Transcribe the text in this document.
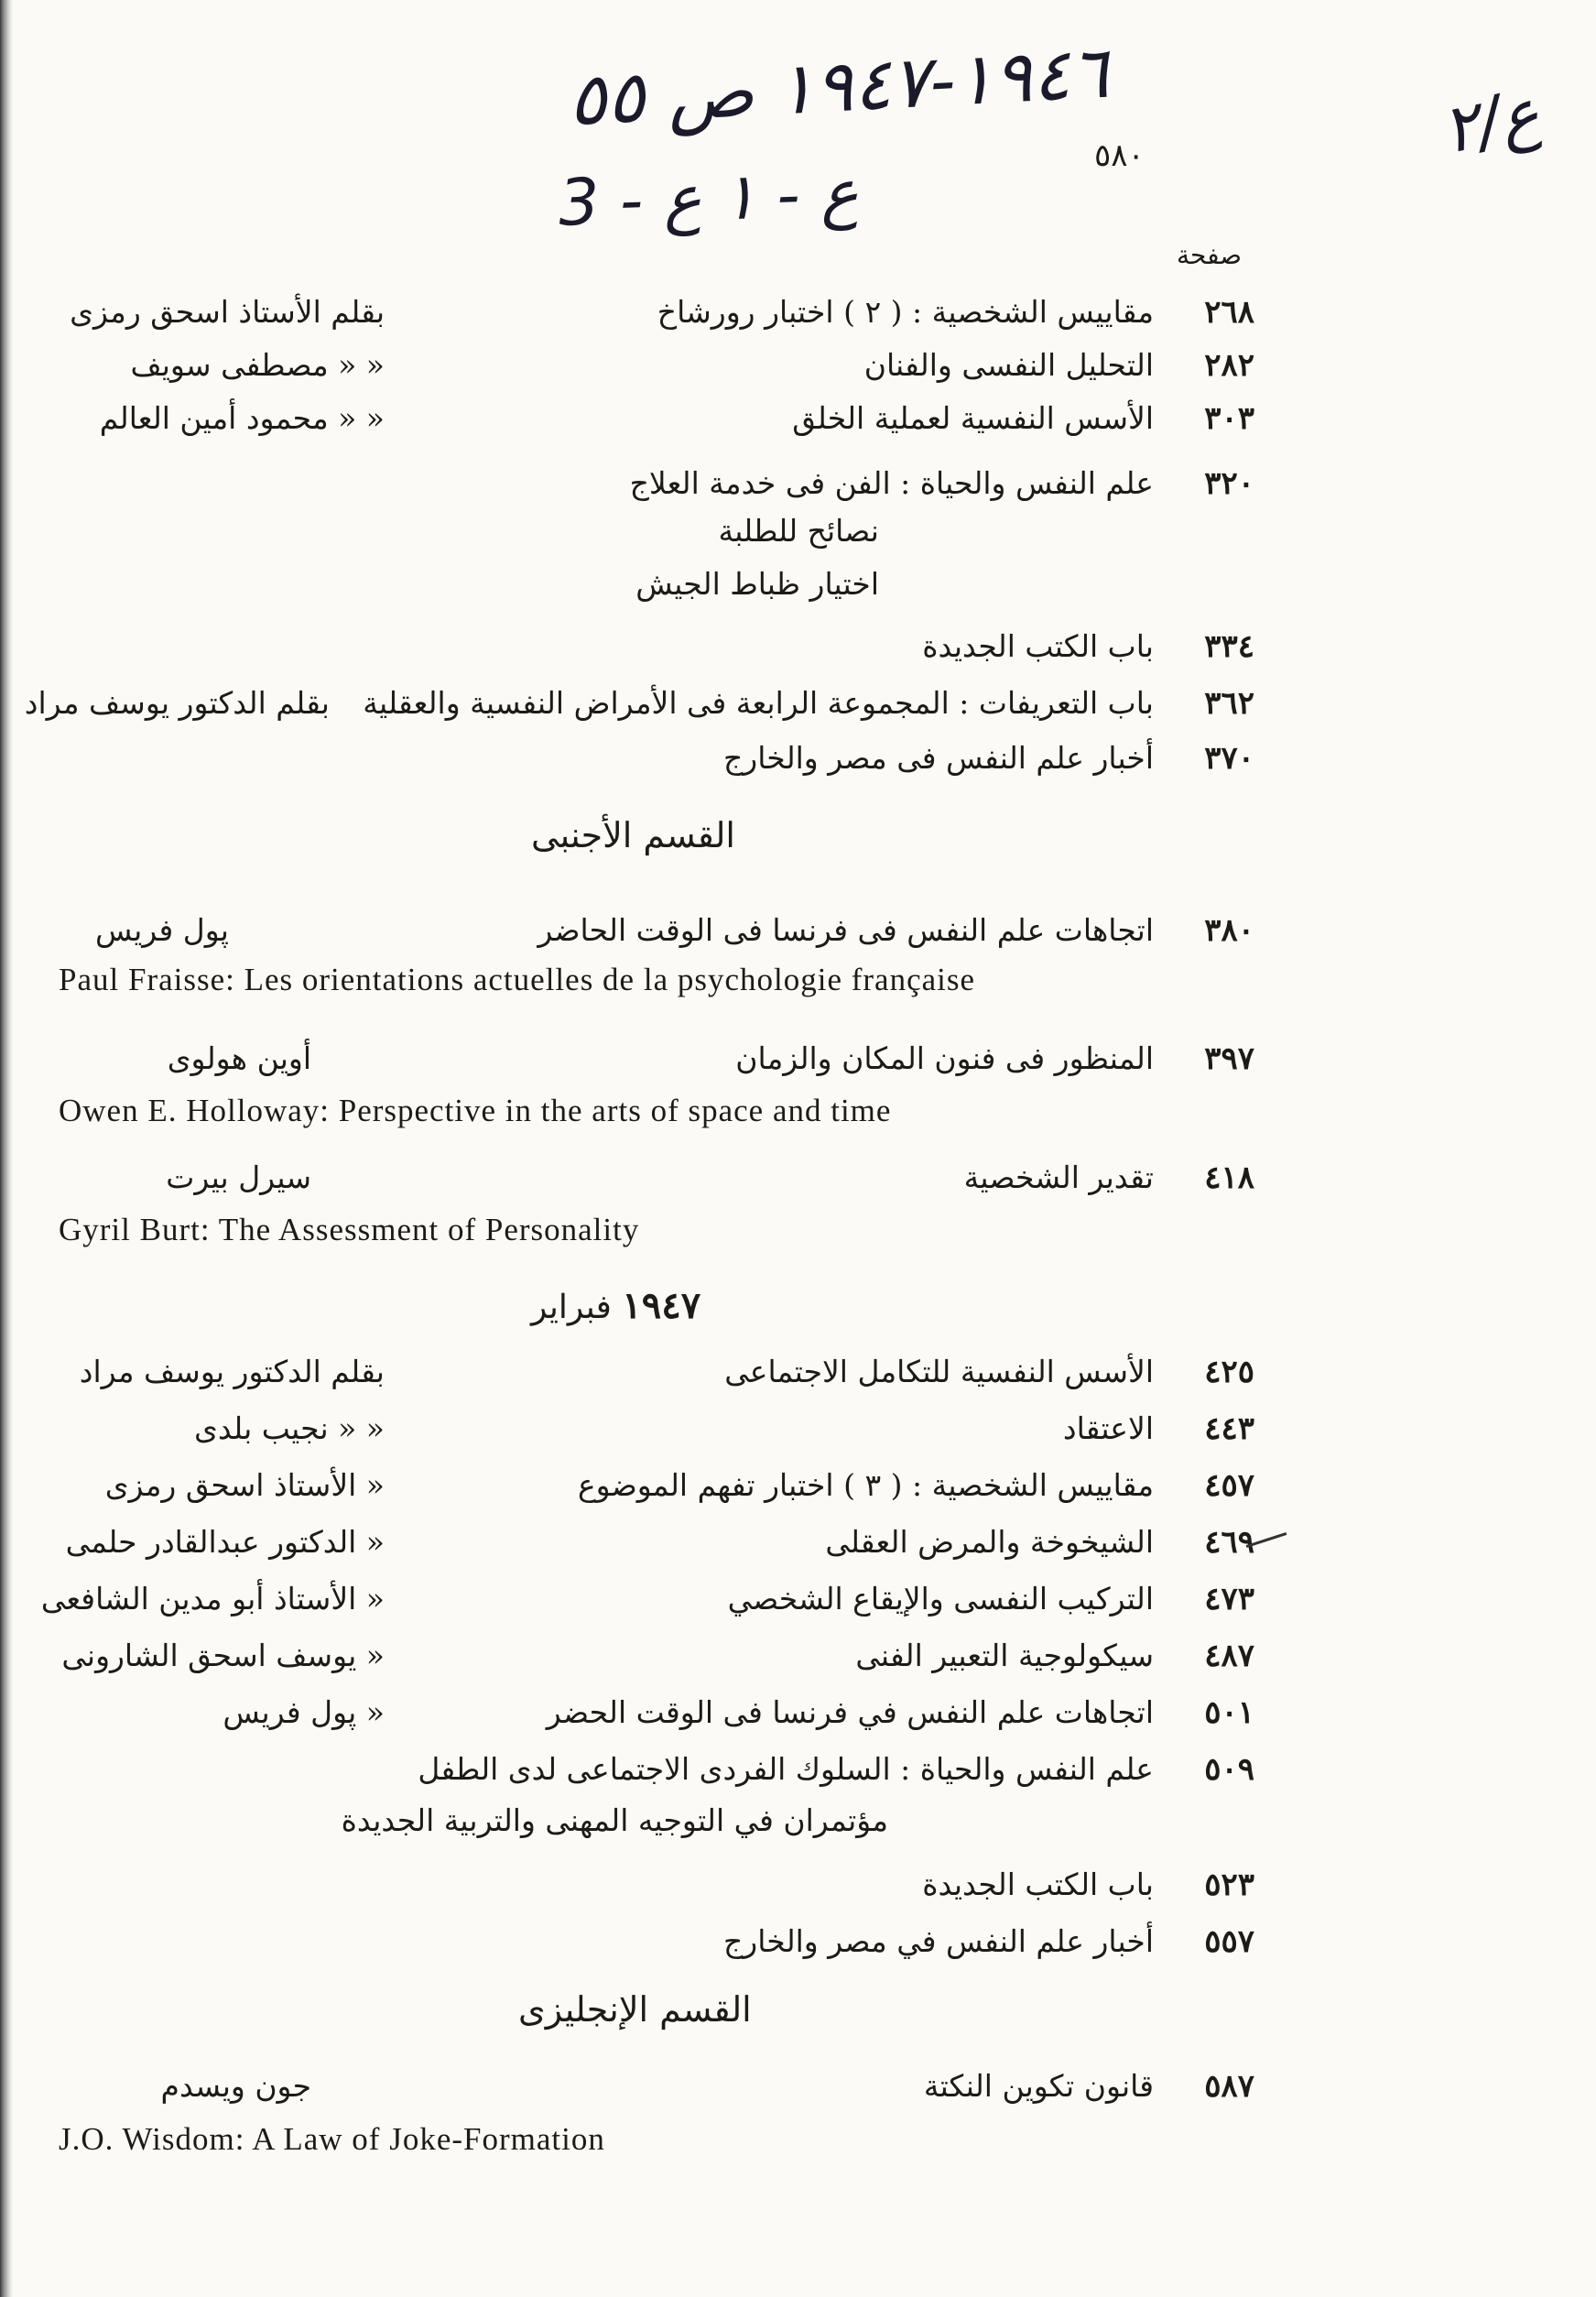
١٩٤٦-١٩٤٧ ص ٥٥
3 - ع - ١ ع
ع/٢
٥٨٠
صفحة
٢٦٨
مقاييس الشخصية : ( ٢ ) اختبار رورشاخ
بقلم الأستاذ اسحق رمزى
٢٨٢
التحليل النفسى والفنان
« « مصطفى سويف
٣٠٣
الأسس النفسية لعملية الخلق
« « محمود أمين العالم
٣٢٠
علم النفس والحياة : الفن فى خدمة العلاج
نصائح للطلبة
اختيار ظباط الجيش
٣٣٤
باب الكتب الجديدة
٣٦٢
باب التعريفات : المجموعة الرابعة فى الأمراض النفسية والعقلية
بقلم الدكتور يوسف مراد
٣٧٠
أخبار علم النفس فى مصر والخارج
القسم الأجنبى
٣٨٠
اتجاهات علم النفس فى فرنسا فى الوقت الحاضر
پول فريس
Paul Fraisse: Les orientations actuelles de la psychologie française
٣٩٧
المنظور فى فنون المكان والزمان
أوين هولوى
Owen E. Holloway: Perspective in the arts of space and time
٤١٨
تقدير الشخصية
سيرل بيرت
Gyril Burt: The Assessment of Personality
١٩٤٧ فبراير
٤٢٥
الأسس النفسية للتكامل الاجتماعى
بقلم الدكتور يوسف مراد
٤٤٣
الاعتقاد
« « نجيب بلدى
٤٥٧
مقاييس الشخصية : ( ٣ ) اختبار تفهم الموضوع
« الأستاذ اسحق رمزى
٤٦٩
الشيخوخة والمرض العقلى
« الدكتور عبدالقادر حلمى
٤٧٣
التركيب النفسى والإيقاع الشخصي
« الأستاذ أبو مدين الشافعى
٤٨٧
سيكولوجية التعبير الفنى
« يوسف اسحق الشارونى
٥٠١
اتجاهات علم النفس في فرنسا فى الوقت الحضر
« پول فريس
٥٠٩
علم النفس والحياة : السلوك الفردى الاجتماعى لدى الطفل
مؤتمران في التوجيه المهنى والتربية الجديدة
٥٢٣
باب الكتب الجديدة
٥٥٧
أخبار علم النفس في مصر والخارج
القسم الإنجليزى
٥٨٧
قانون تكوين النكتة
جون ويسدم
J.O. Wisdom: A Law of Joke-Formation
